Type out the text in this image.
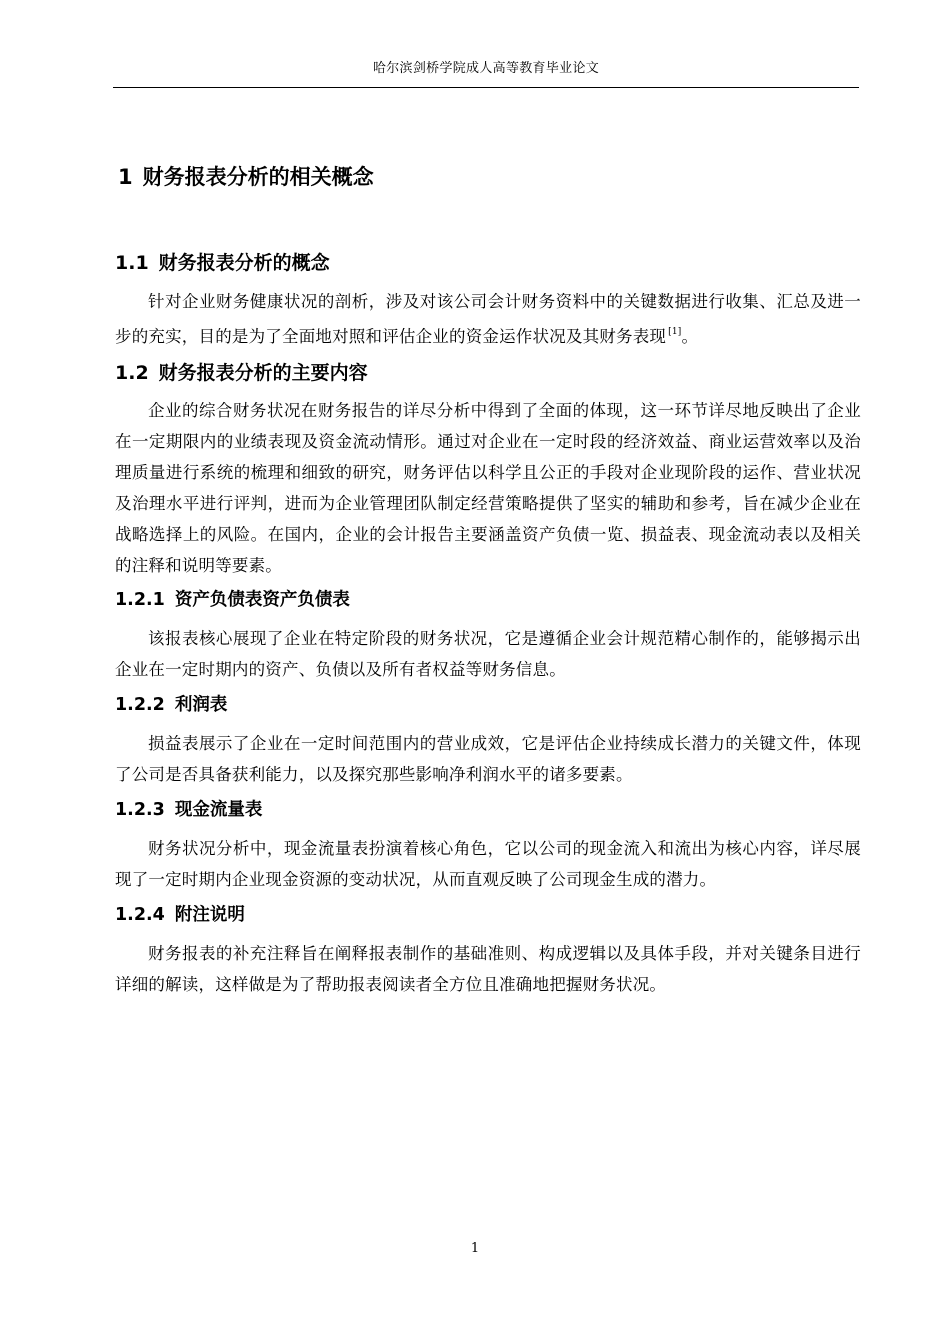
哈尔滨剑桥学院成人高等教育毕业论文
1 财务报表分析的相关概念
1.1 财务报表分析的概念

针对企业财务健康状况的剖析，涉及对该公司会计财务资料中的关键数据进行收集、汇总及进一步的充实，目的是为了全面地对照和评估企业的资金运作状况及其财务表现 [1]。

1.2 财务报表分析的主要内容

企业的综合财务状况在财务报告的详尽分析中得到了全面的体现，这一环节详尽地反映出了企业在一定期限内的业绩表现及资金流动情形。通过对企业在一定时段的经济效益、商业运营效率以及治理质量进行系统的梳理和细致的研究，财务评估以科学且公正的手段对企业现阶段的运作、营业状况及治理水平进行评判，进而为企业管理团队制定经营策略提供了坚实的辅助和参考，旨在减少企业在战略选择上的风险。在国内，企业的会计报告主要涵盖资产负债一览、损益表、现金流动表以及相关的注释和说明等要素。

1.2.1 资产负债表资产负债表

该报表核心展现了企业在特定阶段的财务状况，它是遵循企业会计规范精心制作的，能够揭示出企业在一定时期内的资产、负债以及所有者权益等财务信息。

1.2.2 利润表

损益表展示了企业在一定时间范围内的营业成效，它是评估企业持续成长潜力的关键文件，体现了公司是否具备获利能力，以及探究那些影响净利润水平的诸多要素。

1.2.3 现金流量表

财务状况分析中，现金流量表扮演着核心角色，它以公司的现金流入和流出为核心内容，详尽展现了一定时期内企业现金资源的变动状况，从而直观反映了公司现金生成的潜力。

1.2.4 附注说明

财务报表的补充注释旨在阐释报表制作的基础准则、构成逻辑以及具体手段，并对关键条目进行详细的解读，这样做是为了帮助报表阅读者全方位且准确地把握财务状况。

1
